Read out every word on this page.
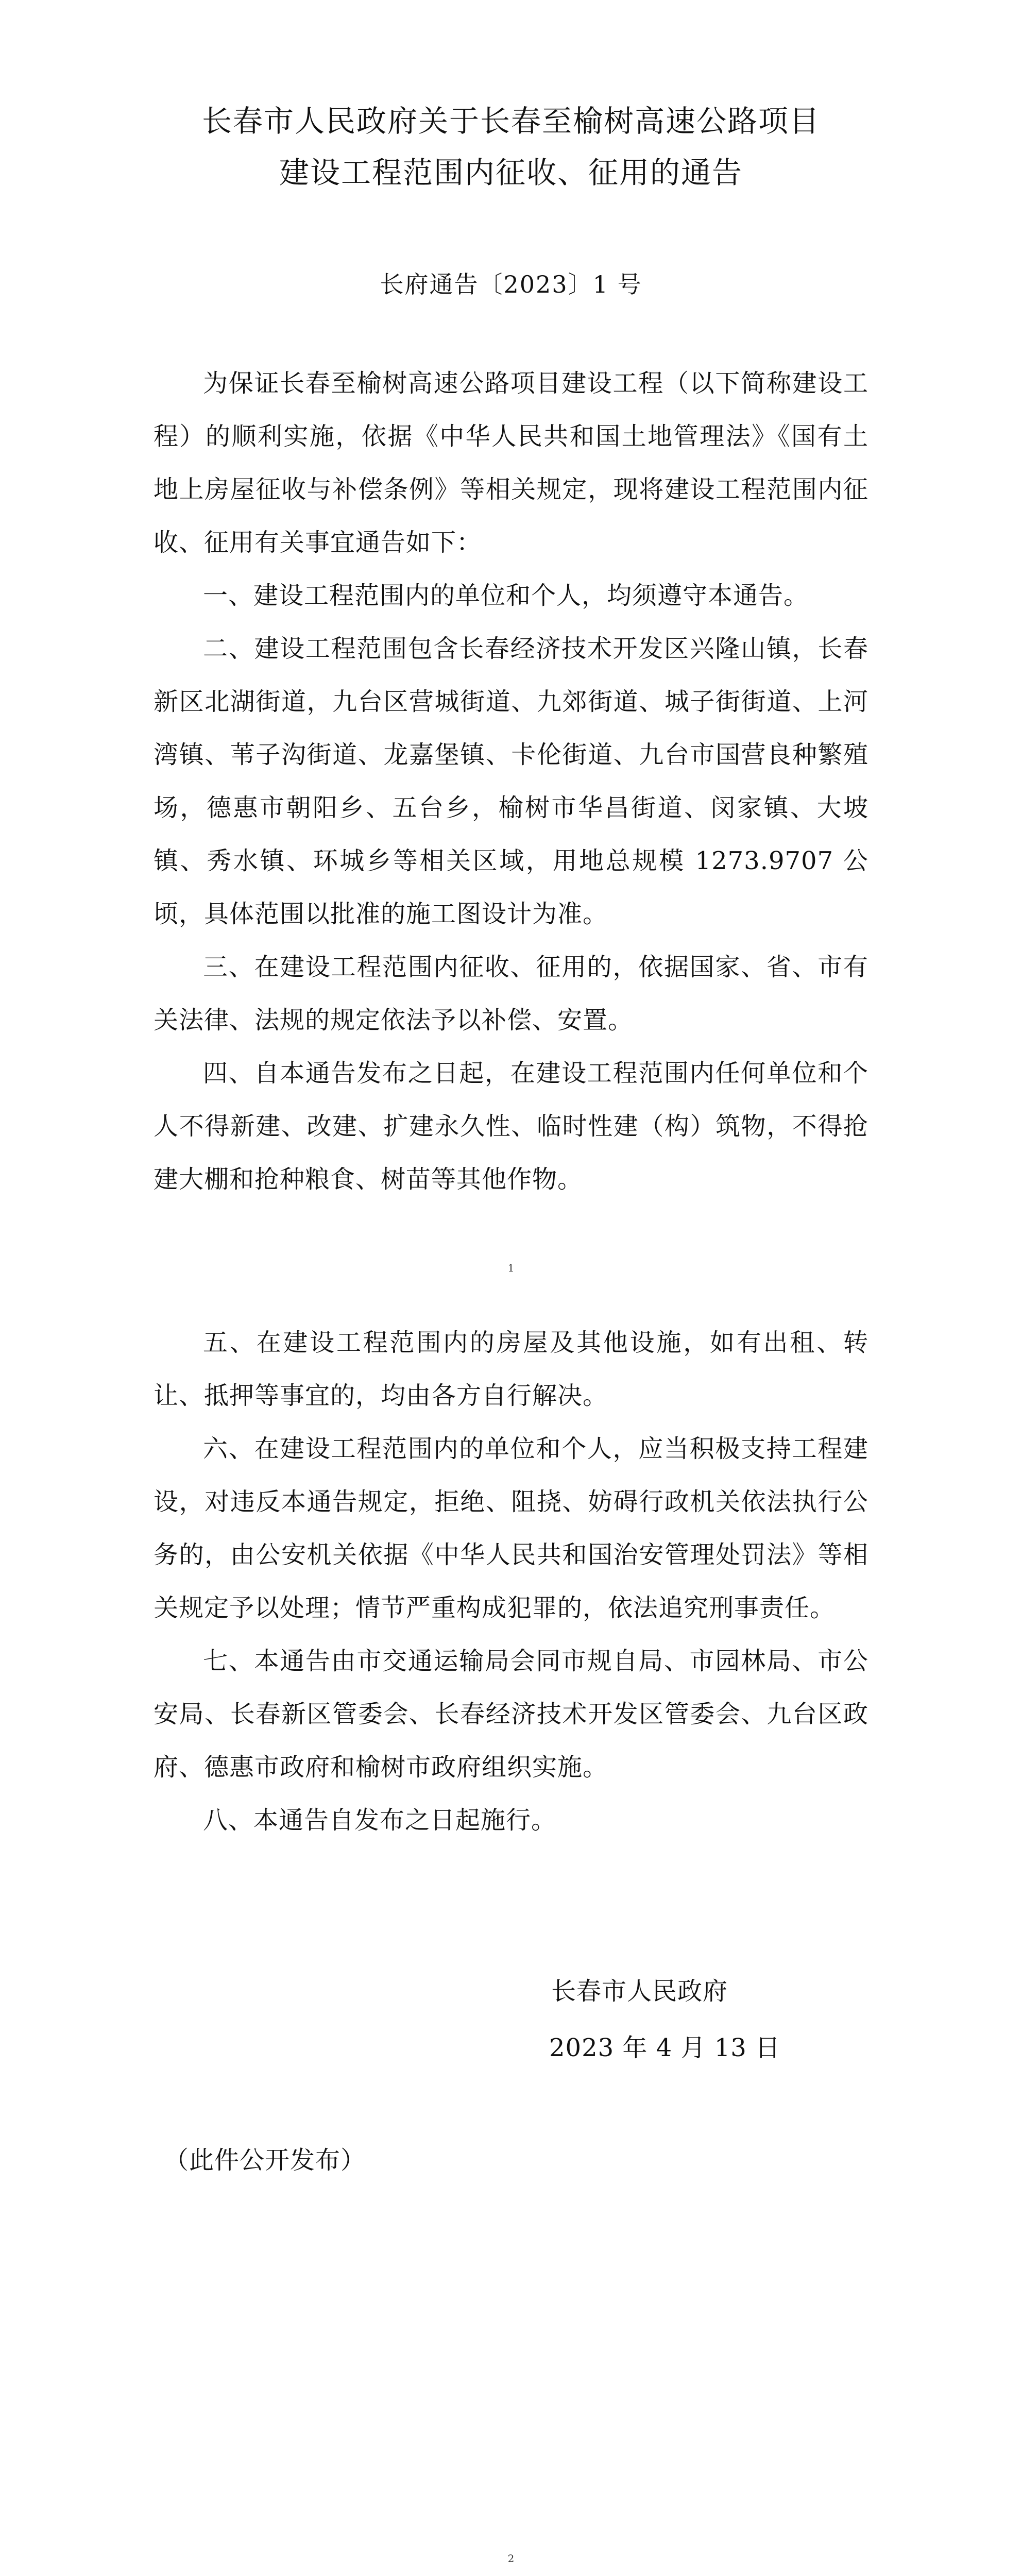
长春市人民政府关于长春至榆树高速公路项目
建设工程范围内征收、征用的通告
长府通告〔2023〕1 号

为保证长春至榆树高速公路项目建设工程（以下简称建设工程）的顺利实施，依据《中华人民共和国土地管理法》《国有土地上房屋征收与补偿条例》等相关规定，现将建设工程范围内征收、征用有关事宜通告如下：

一、建设工程范围内的单位和个人，均须遵守本通告。

二、建设工程范围包含长春经济技术开发区兴隆山镇，长春新区北湖街道，九台区营城街道、九郊街道、城子街街道、上河湾镇、苇子沟街道、龙嘉堡镇、卡伦街道、九台市国营良种繁殖场，德惠市朝阳乡、五台乡，榆树市华昌街道、闵家镇、大坡镇、秀水镇、环城乡等相关区域，用地总规模 1273.9707 公顷，具体范围以批准的施工图设计为准。

三、在建设工程范围内征收、征用的，依据国家、省、市有关法律、法规的规定依法予以补偿、安置。

四、自本通告发布之日起，在建设工程范围内任何单位和个人不得新建、改建、扩建永久性、临时性建（构）筑物，不得抢建大棚和抢种粮食、树苗等其他作物。

1

五、在建设工程范围内的房屋及其他设施，如有出租、转让、抵押等事宜的，均由各方自行解决。

六、在建设工程范围内的单位和个人，应当积极支持工程建设，对违反本通告规定，拒绝、阻挠、妨碍行政机关依法执行公务的，由公安机关依据《中华人民共和国治安管理处罚法》等相关规定予以处理；情节严重构成犯罪的，依法追究刑事责任。

七、本通告由市交通运输局会同市规自局、市园林局、市公安局、长春新区管委会、长春经济技术开发区管委会、九台区政府、德惠市政府和榆树市政府组织实施。

八、本通告自发布之日起施行。

长春市人民政府
2023 年 4 月 13 日
（此件公开发布）
2
